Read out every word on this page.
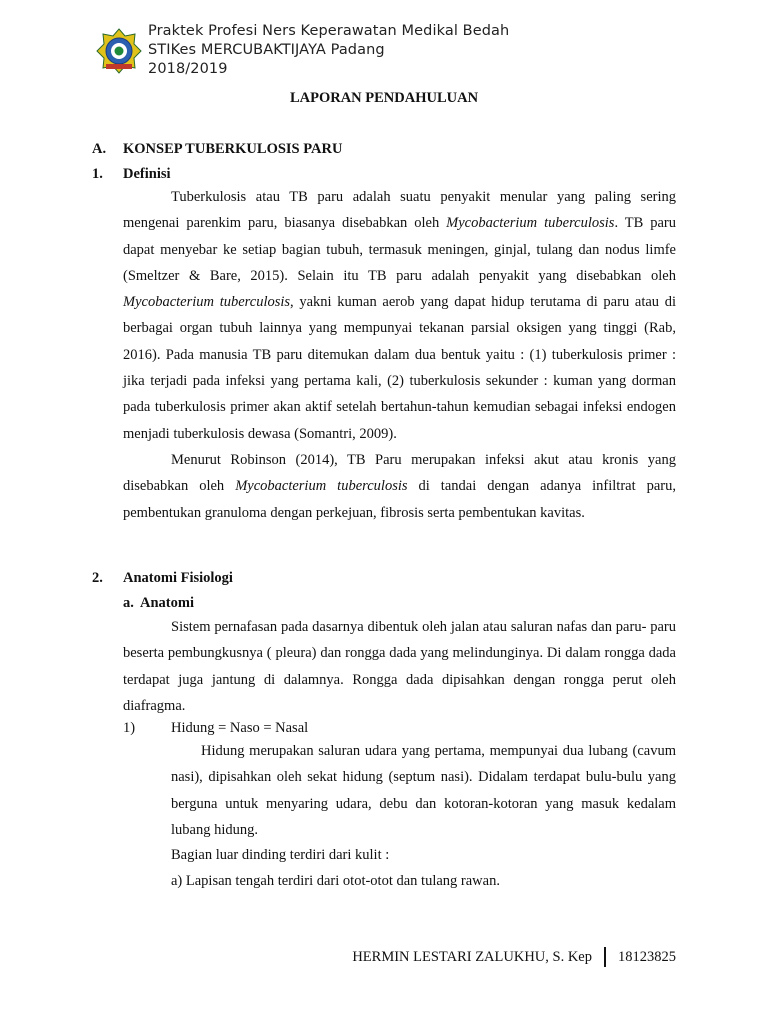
Praktek Profesi Ners Keperawatan Medikal Bedah
STIKes MERCUBAKTIJAYA Padang
2018/2019
LAPORAN PENDAHULUAN
A. KONSEP TUBERKULOSIS PARU
1. Definisi

Tuberkulosis atau TB paru adalah suatu penyakit menular yang paling sering mengenai parenkim paru, biasanya disebabkan oleh Mycobacterium tuberculosis. TB paru dapat menyebar ke setiap bagian tubuh, termasuk meningen, ginjal, tulang dan nodus limfe (Smeltzer & Bare, 2015). Selain itu TB paru adalah penyakit yang disebabkan oleh Mycobacterium tuberculosis, yakni kuman aerob yang dapat hidup terutama di paru atau di berbagai organ tubuh lainnya yang mempunyai tekanan parsial oksigen yang tinggi (Rab, 2016). Pada manusia TB paru ditemukan dalam dua bentuk yaitu : (1) tuberkulosis primer : jika terjadi pada infeksi yang pertama kali, (2) tuberkulosis sekunder : kuman yang dorman pada tuberkulosis primer akan aktif setelah bertahun-tahun kemudian sebagai infeksi endogen menjadi tuberkulosis dewasa (Somantri, 2009).

Menurut Robinson (2014), TB Paru merupakan infeksi akut atau kronis yang disebabkan oleh Mycobacterium tuberculosis di tandai dengan adanya infiltrat paru, pembentukan granuloma dengan perkejuan, fibrosis serta pembentukan kavitas.

2. Anatomi Fisiologi
a. Anatomi

Sistem pernafasan pada dasarnya dibentuk oleh jalan atau saluran nafas dan paru- paru beserta pembungkusnya ( pleura) dan rongga dada yang melindunginya. Di dalam rongga dada terdapat juga jantung di dalamnya. Rongga dada dipisahkan dengan rongga perut oleh diafragma.

1) Hidung = Naso = Nasal

Hidung merupakan saluran udara yang pertama, mempunyai dua lubang (cavum nasi), dipisahkan oleh sekat hidung (septum nasi). Didalam terdapat bulu-bulu yang berguna untuk menyaring udara, debu dan kotoran-kotoran yang masuk kedalam lubang hidung.

Bagian luar dinding terdiri dari kulit :
a) Lapisan tengah terdiri dari otot-otot dan tulang rawan.
HERMIN LESTARI ZALUKHU, S. Kep 18123825
